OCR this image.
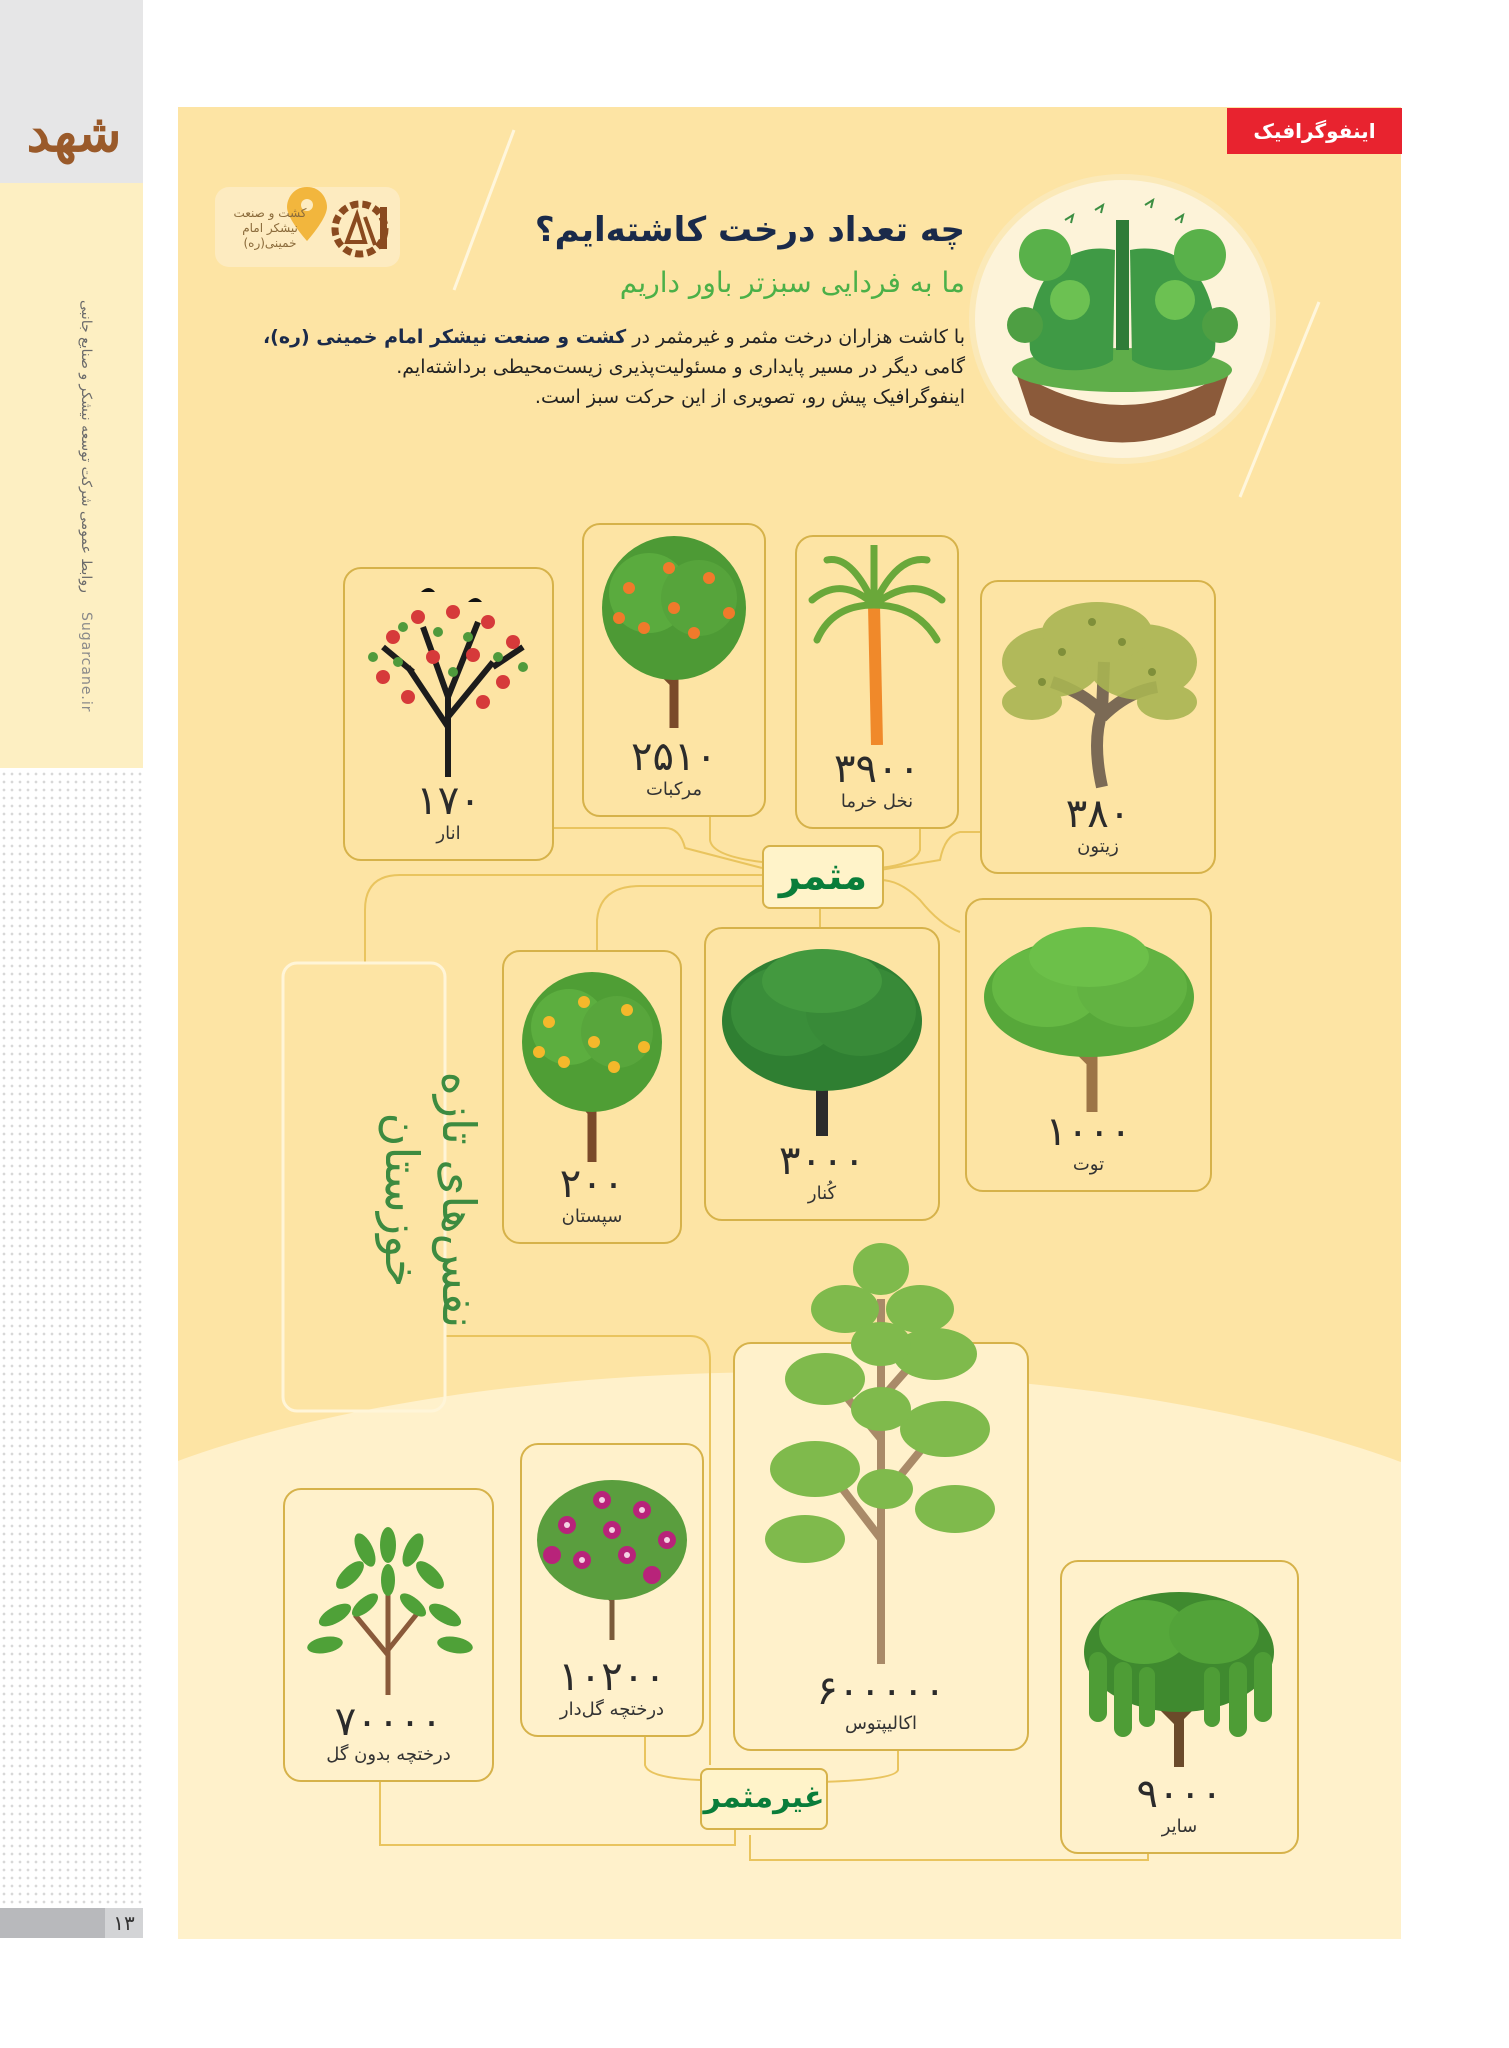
شهد
روابط عمومی شرکت توسعه نیشکر و صنایع جانبی
Sugarcane.ir
۱۳
اینفوگرافیک
کشت و صنعت نیشکر امام خمینی(ره)	چه تعداد درخت کاشته‌ایم؟
ما به فردایی سبزتر باور داریم
با کاشت هزاران درخت مثمر و غیرمثمر در کشت و صنعت نیشکر امام خمینی (ره)،
گامی دیگر در مسیر پایداری و مسئولیت‌پذیری زیست‌محیطی برداشته‌ایم.
اینفوگرافیک پیش رو، تصویری از این حرکت سبز است.
مثمر
غیرمثمر
نفس‌های تازه
خوزستان
۱۷۰
انار
۲۵۱۰
مرکبات	۳۹۰۰
نخل خرما	۳۸۰
زیتون
۲۰۰
سپستان
۳۰۰۰
کُنار
۱۰۰۰
توت
۷۰۰۰۰
درختچه بدون گل
۱۰۲۰۰
درختچه گل‌دار	۶۰۰۰۰۰
اکالیپتوس
۹۰۰۰
سایر
